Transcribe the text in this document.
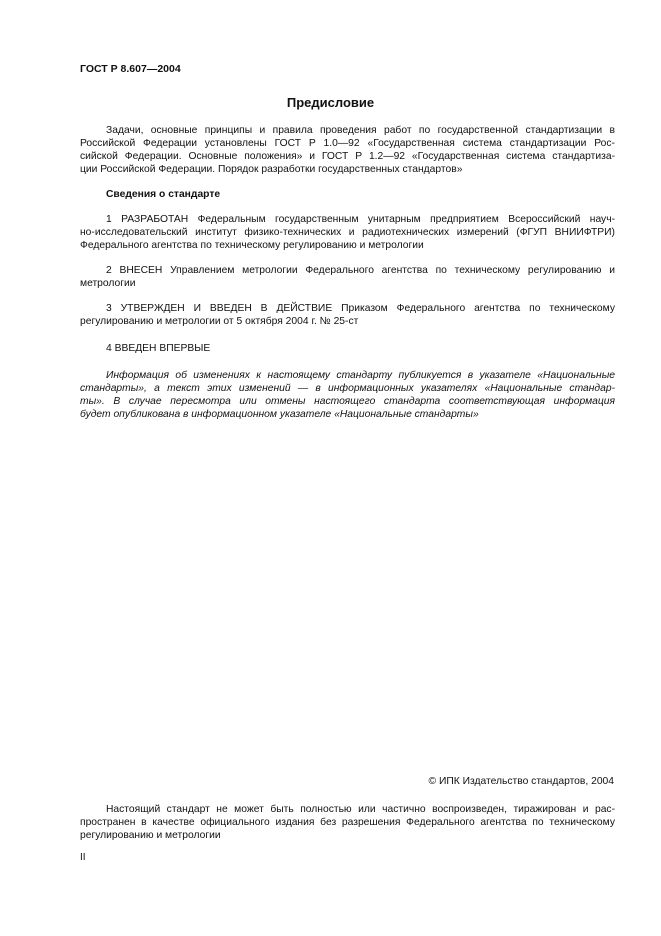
ГОСТ Р 8.607—2004
Предисловие
Задачи, основные принципы и правила проведения работ по государственной стандартизации в
Российской Федерации установлены ГОСТ Р 1.0—92 «Государственная система стандартизации Рос-
сийской Федерации. Основные положения» и ГОСТ Р 1.2—92 «Государственная система стандартиза-
ции Российской Федерации. Порядок разработки государственных стандартов»
Сведения о стандарте
1 РАЗРАБОТАН Федеральным государственным унитарным предприятием Всероссийский науч-
но-исследовательский институт физико-технических и радиотехнических измерений (ФГУП ВНИИФТРИ)
Федерального агентства по техническому регулированию и метрологии
2 ВНЕСЕН Управлением метрологии Федерального агентства по техническому регулированию и
метрологии
3 УТВЕРЖДЕН И ВВЕДЕН В ДЕЙСТВИЕ Приказом Федерального агентства по техническому
регулированию и метрологии от 5 октября 2004 г. № 25-ст
4 ВВЕДЕН ВПЕРВЫЕ
Информация об изменениях к настоящему стандарту публикуется в указателе «Национальные
стандарты», а текст этих изменений — в информационных указателях «Национальные стандар-
ты». В случае пересмотра или отмены настоящего стандарта соответствующая информация
будет опубликована в информационном указателе «Национальные стандарты»
© ИПК Издательство стандартов, 2004
Настоящий стандарт не может быть полностью или частично воспроизведен, тиражирован и рас-
пространен в качестве официального издания без разрешения Федерального агентства по техническому
регулированию и метрологии
II
